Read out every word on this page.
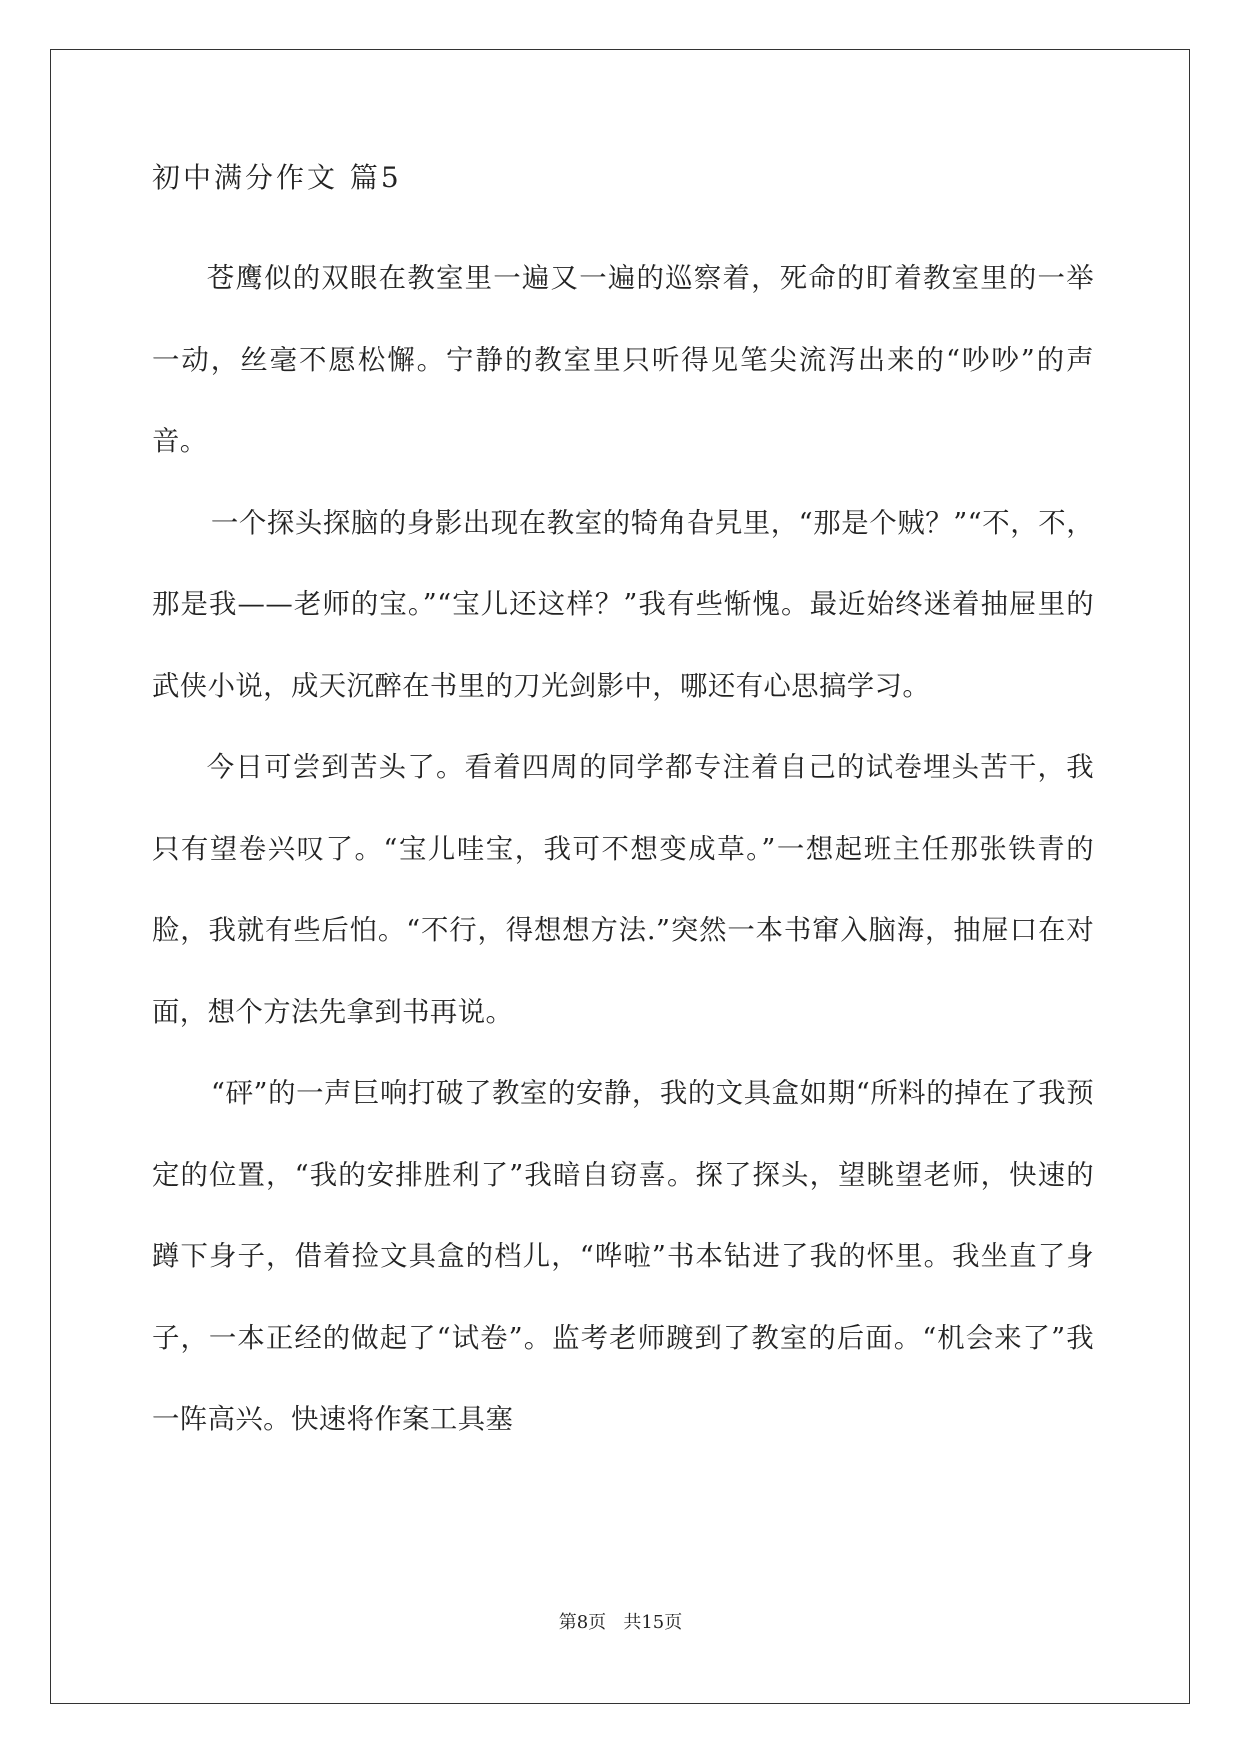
初中满分作文 篇5

苍鹰似的双眼在教室里一遍又一遍的巡察着，死命的盯着教室里的一举一动，丝毫不愿松懈。宁静的教室里只听得见笔尖流泻出来的“吵吵”的声音。

一个探头探脑的身影出现在教室的犄角旮旯里，“那是个贼？”“不，不，那是我——老师的宝。”“宝儿还这样？”我有些惭愧。最近始终迷着抽屉里的武侠小说，成天沉醉在书里的刀光剑影中，哪还有心思搞学习。

今日可尝到苦头了。看着四周的同学都专注着自己的试卷埋头苦干，我只有望卷兴叹了。“宝儿哇宝，我可不想变成草。”一想起班主任那张铁青的脸，我就有些后怕。“不行，得想想方法.”突然一本书窜入脑海，抽屉口在对面，想个方法先拿到书再说。

“砰”的一声巨响打破了教室的安静，我的文具盒如期“所料的掉在了我预定的位置，“我的安排胜利了”我暗自窃喜。探了探头，望眺望老师，快速的蹲下身子，借着捡文具盒的档儿，“哗啦”书本钻进了我的怀里。我坐直了身子，一本正经的做起了“试卷”。监考老师踱到了教室的后面。“机会来了”我一阵高兴。快速将作案工具塞

第8页   共15页
